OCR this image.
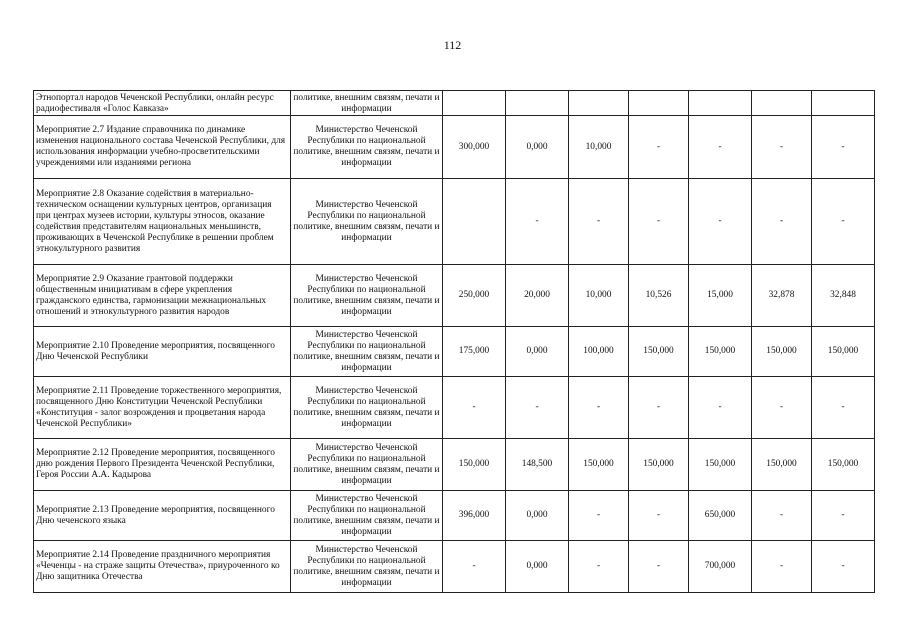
112
Этнопортал народов Чеченской Республики, онлайн ресурс радиофестиваля «Голос Кавказа»	политике, внешним связям, печати и информации							
Мероприятие 2.7 Издание справочника по динамике изменения национального состава Чеченской Республики, для использования информации учебно-просветительскими учреждениями или изданиями региона	Министерство Чеченской Республики по национальной политике, внешним связям, печати и информации	300,000	0,000	10,000	-	-	-	-
Мероприятие 2.8 Оказание содействия в материально-техническом оснащении культурных центров, организация при центрах музеев истории, культуры этносов, оказание содействия представителям национальных меньшинств, проживающих в Чеченской Республике в решении проблем этнокультурного развития	Министерство Чеченской Республики по национальной политике, внешним связям, печати и информации		-	-	-	-	-	-
Мероприятие 2.9 Оказание грантовой поддержки общественным инициативам в сфере укрепления гражданского единства, гармонизации межнациональных отношений и этнокультурного развития народов	Министерство Чеченской Республики по национальной политике, внешним связям, печати и информации	250,000	20,000	10,000	10,526	15,000	32,878	32,848
Мероприятие 2.10 Проведение мероприятия, посвященного Дню Чеченской Республики	Министерство Чеченской Республики по национальной политике, внешним связям, печати и информации	175,000	0,000	100,000	150,000	150,000	150,000	150,000
Мероприятие 2.11 Проведение торжественного мероприятия, посвященного Дню Конституции Чеченской Республики «Конституция - залог возрождения и процветания народа Чеченской Республики»	Министерство Чеченской Республики по национальной политике, внешним связям, печати и информации	-	-	-	-	-	-	-
Мероприятие 2.12 Проведение мероприятия, посвященного дню рождения Первого Президента Чеченской Республики, Героя России А.А. Кадырова	Министерство Чеченской Республики по национальной политике, внешним связям, печати и информации	150,000	148,500	150,000	150,000	150,000	150,000	150,000
Мероприятие 2.13 Проведение мероприятия, посвященного Дню чеченского языка	Министерство Чеченской Республики по национальной политике, внешним связям, печати и информации	396,000	0,000	-	-	650,000	-	-
Мероприятие 2.14 Проведение праздничного мероприятия «Чеченцы - на страже защиты Отечества», приуроченного ко Дню защитника Отечества	Министерство Чеченской Республики по национальной политике, внешним связям, печати и информации	-	0,000	-	-	700,000	-	-
